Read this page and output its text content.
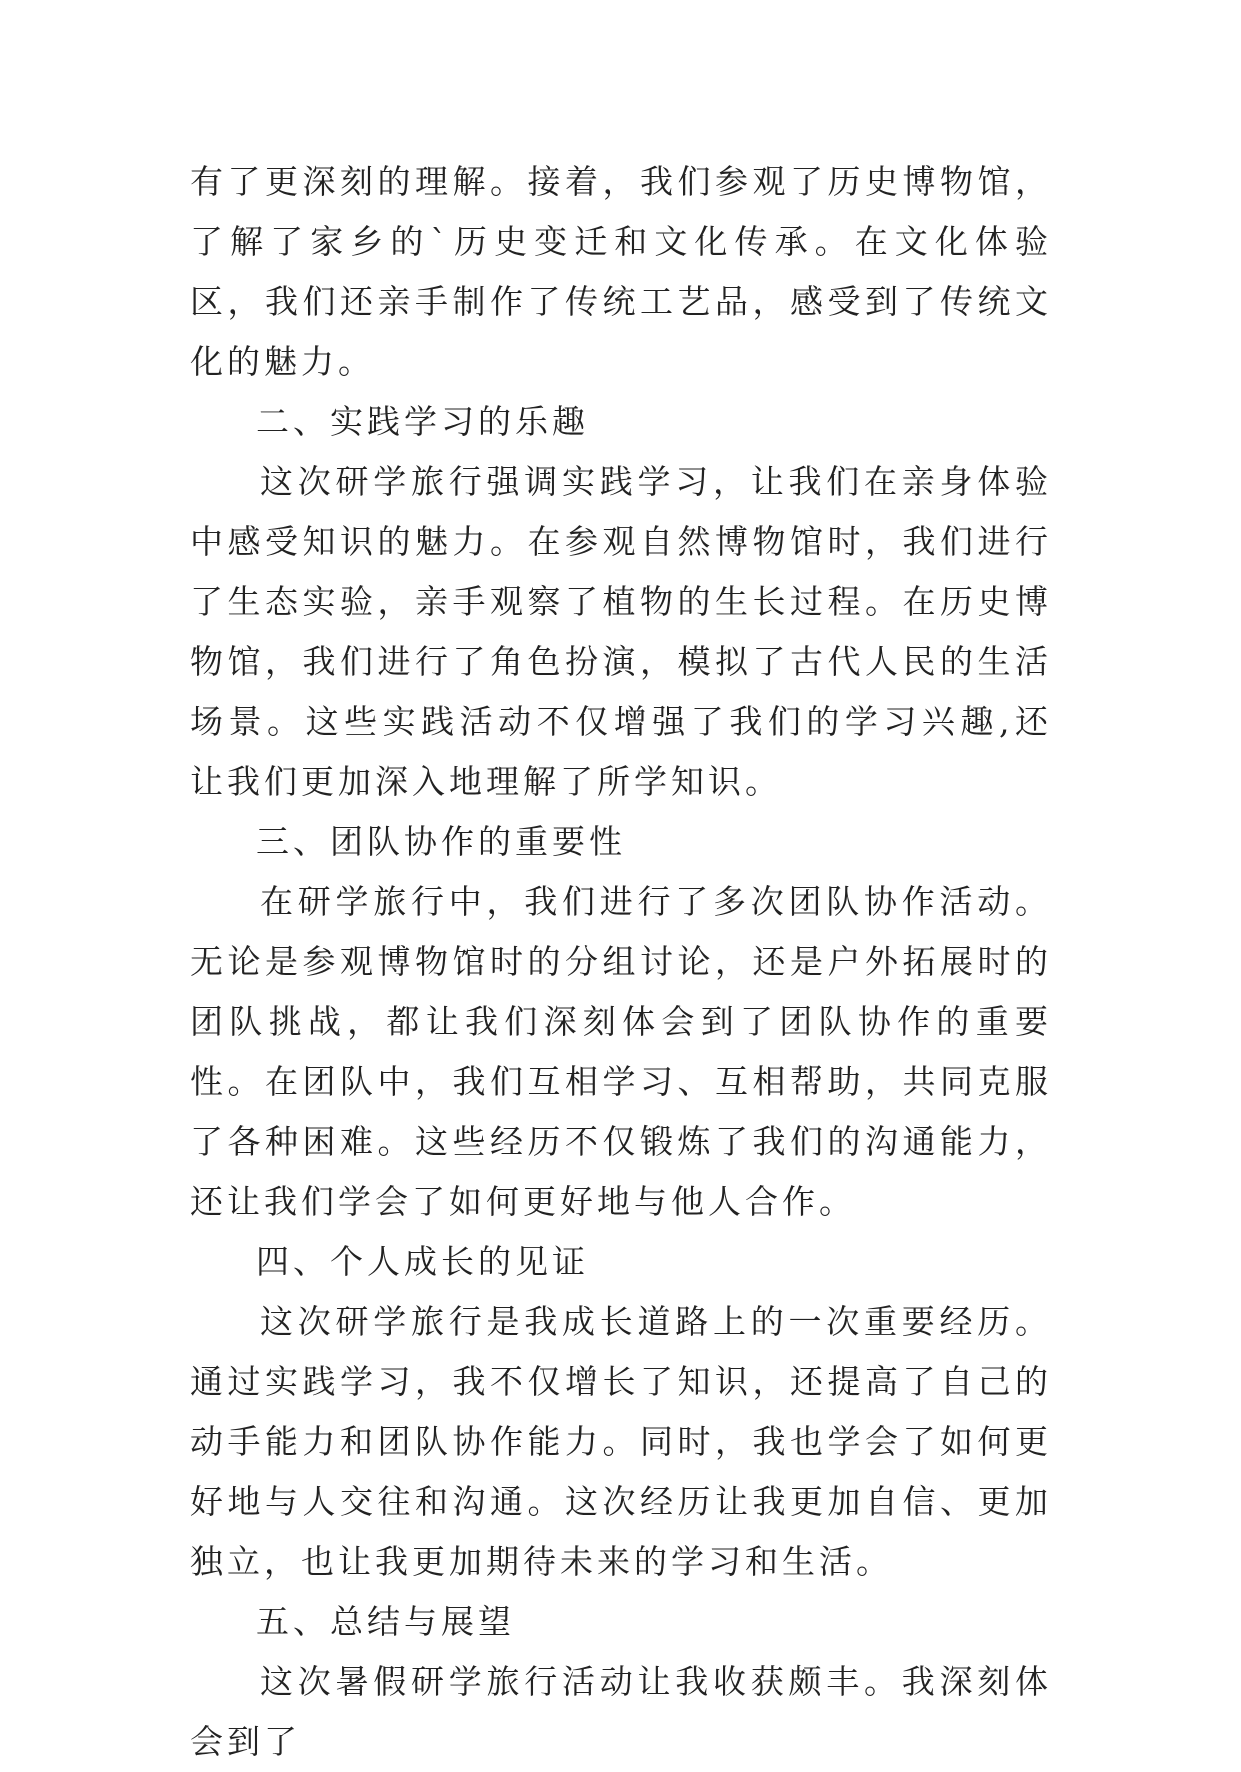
有了更深刻的理解。接着，我们参观了历史博物馆，了解了家乡的`历史变迁和文化传承。在文化体验区，我们还亲手制作了传统工艺品，感受到了传统文化的魅力。

二、实践学习的乐趣

这次研学旅行强调实践学习，让我们在亲身体验中感受知识的魅力。在参观自然博物馆时，我们进行了生态实验，亲手观察了植物的生长过程。在历史博物馆，我们进行了角色扮演，模拟了古代人民的生活场景。这些实践活动不仅增强了我们的学习兴趣,还让我们更加深入地理解了所学知识。

三、团队协作的重要性

在研学旅行中，我们进行了多次团队协作活动。无论是参观博物馆时的分组讨论，还是户外拓展时的团队挑战，都让我们深刻体会到了团队协作的重要性。在团队中，我们互相学习、互相帮助，共同克服了各种困难。这些经历不仅锻炼了我们的沟通能力，还让我们学会了如何更好地与他人合作。

四、个人成长的见证

这次研学旅行是我成长道路上的一次重要经历。通过实践学习，我不仅增长了知识，还提高了自己的动手能力和团队协作能力。同时，我也学会了如何更好地与人交往和沟通。这次经历让我更加自信、更加独立，也让我更加期待未来的学习和生活。

五、总结与展望

这次暑假研学旅行活动让我收获颇丰。我深刻体会到了
